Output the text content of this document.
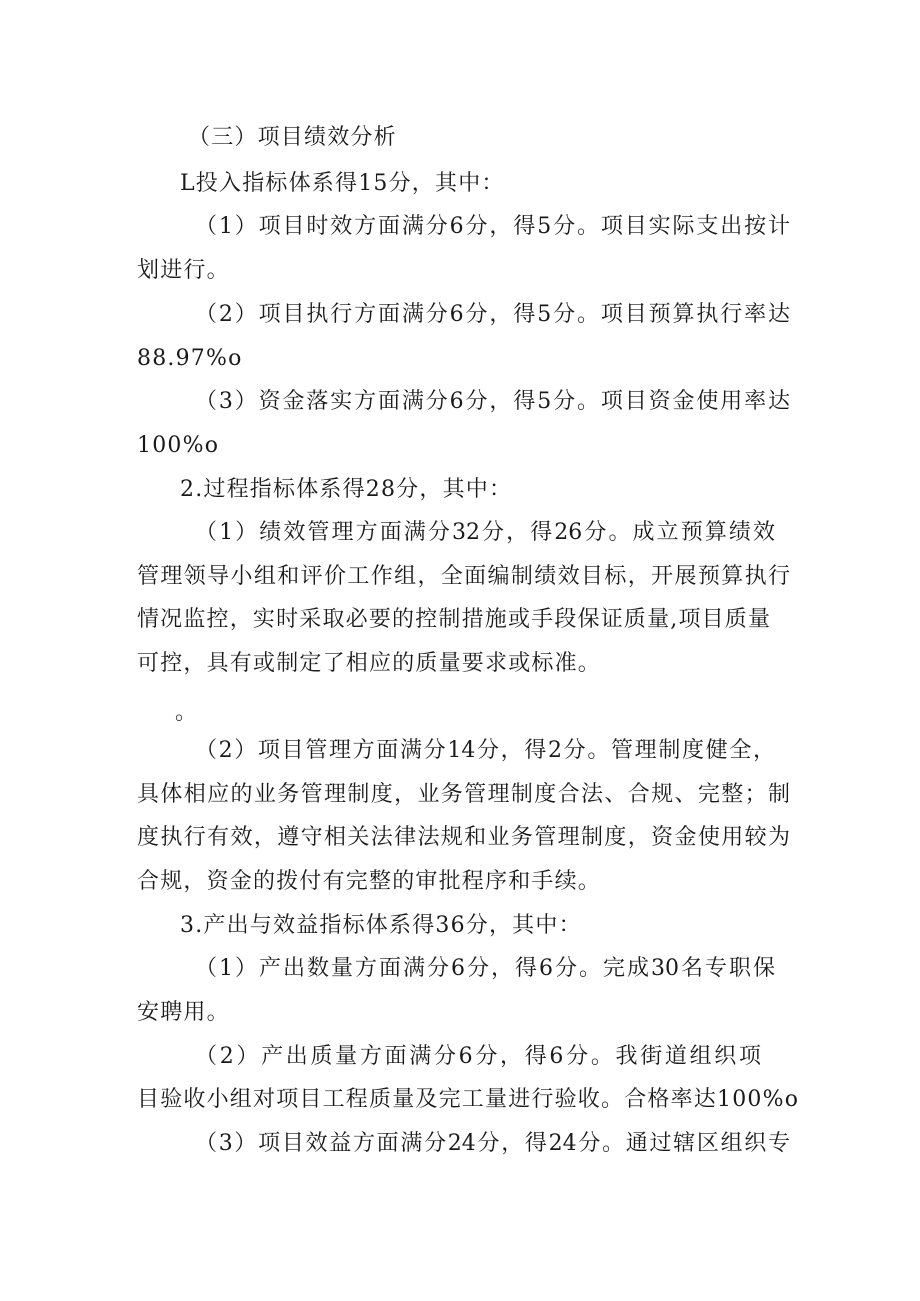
（三）项目绩效分析

L投入指标体系得15分，其中：

（1）项目时效方面满分6分，得5分。项目实际支出按计

划进行。

（2）项目执行方面满分6分，得5分。项目预算执行率达

88.97%o

（3）资金落实方面满分6分，得5分。项目资金使用率达

100%o

2.过程指标体系得28分，其中：

（1）绩效管理方面满分32分，得26分。成立预算绩效

管理领导小组和评价工作组，全面编制绩效目标，开展预算执行

情况监控，实时采取必要的控制措施或手段保证质量,项目质量

可控，具有或制定了相应的质量要求或标准。

。

（2）项目管理方面满分14分，得2分。管理制度健全，

具体相应的业务管理制度，业务管理制度合法、合规、完整；制

度执行有效，遵守相关法律法规和业务管理制度，资金使用较为

合规，资金的拨付有完整的审批程序和手续。

3.产出与效益指标体系得36分，其中：

（1）产出数量方面满分6分，得6分。完成30名专职保

安聘用。

（2）产出质量方面满分6分，得6分。我街道组织项

目验收小组对项目工程质量及完工量进行验收。合格率达100%o

（3）项目效益方面满分24分，得24分。通过辖区组织专
